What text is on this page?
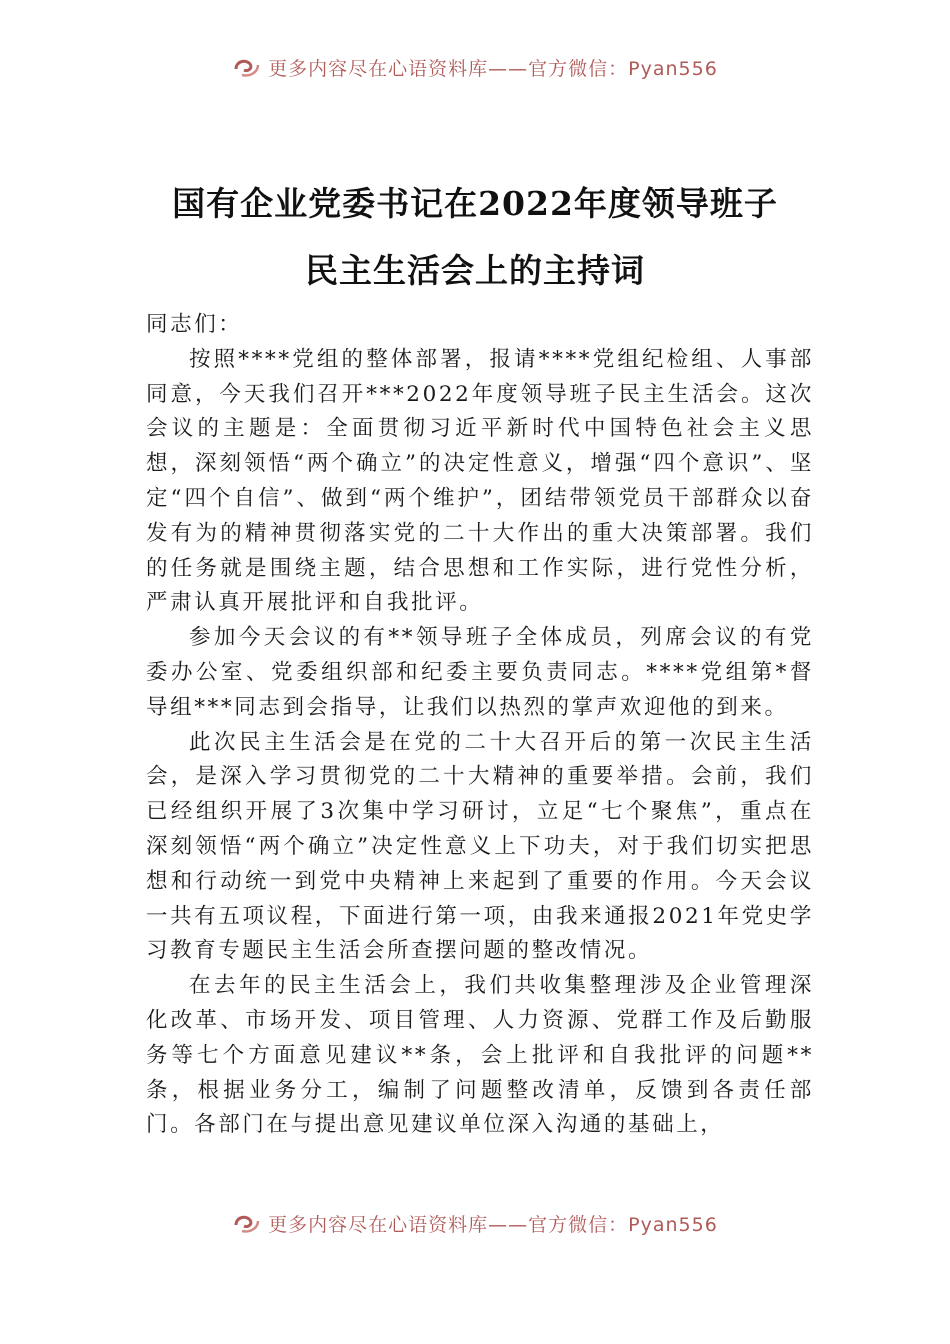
更多内容尽在心语资料库——官方微信：Pyan556
国有企业党委书记在2022年度领导班子
民主生活会上的主持词

同志们：

按照****党组的整体部署，报请****党组纪检组、人事部同意，今天我们召开***2022年度领导班子民主生活会。这次会议的主题是：全面贯彻习近平新时代中国特色社会主义思想，深刻领悟“两个确立”的决定性意义，增强“四个意识”、坚定“四个自信”、做到“两个维护”，团结带领党员干部群众以奋发有为的精神贯彻落实党的二十大作出的重大决策部署。我们的任务就是围绕主题，结合思想和工作实际，进行党性分析，严肃认真开展批评和自我批评。

参加今天会议的有**领导班子全体成员，列席会议的有党委办公室、党委组织部和纪委主要负责同志。****党组第*督导组***同志到会指导，让我们以热烈的掌声欢迎他的到来。

此次民主生活会是在党的二十大召开后的第一次民主生活会，是深入学习贯彻党的二十大精神的重要举措。会前，我们已经组织开展了3次集中学习研讨，立足“七个聚焦”，重点在深刻领悟“两个确立”决定性意义上下功夫，对于我们切实把思想和行动统一到党中央精神上来起到了重要的作用。今天会议一共有五项议程，下面进行第一项，由我来通报2021年党史学习教育专题民主生活会所查摆问题的整改情况。

在去年的民主生活会上，我们共收集整理涉及企业管理深化改革、市场开发、项目管理、人力资源、党群工作及后勤服务等七个方面意见建议**条，会上批评和自我批评的问题**条，根据业务分工，编制了问题整改清单，反馈到各责任部门。各部门在与提出意见建议单位深入沟通的基础上，

更多内容尽在心语资料库——官方微信：Pyan556
